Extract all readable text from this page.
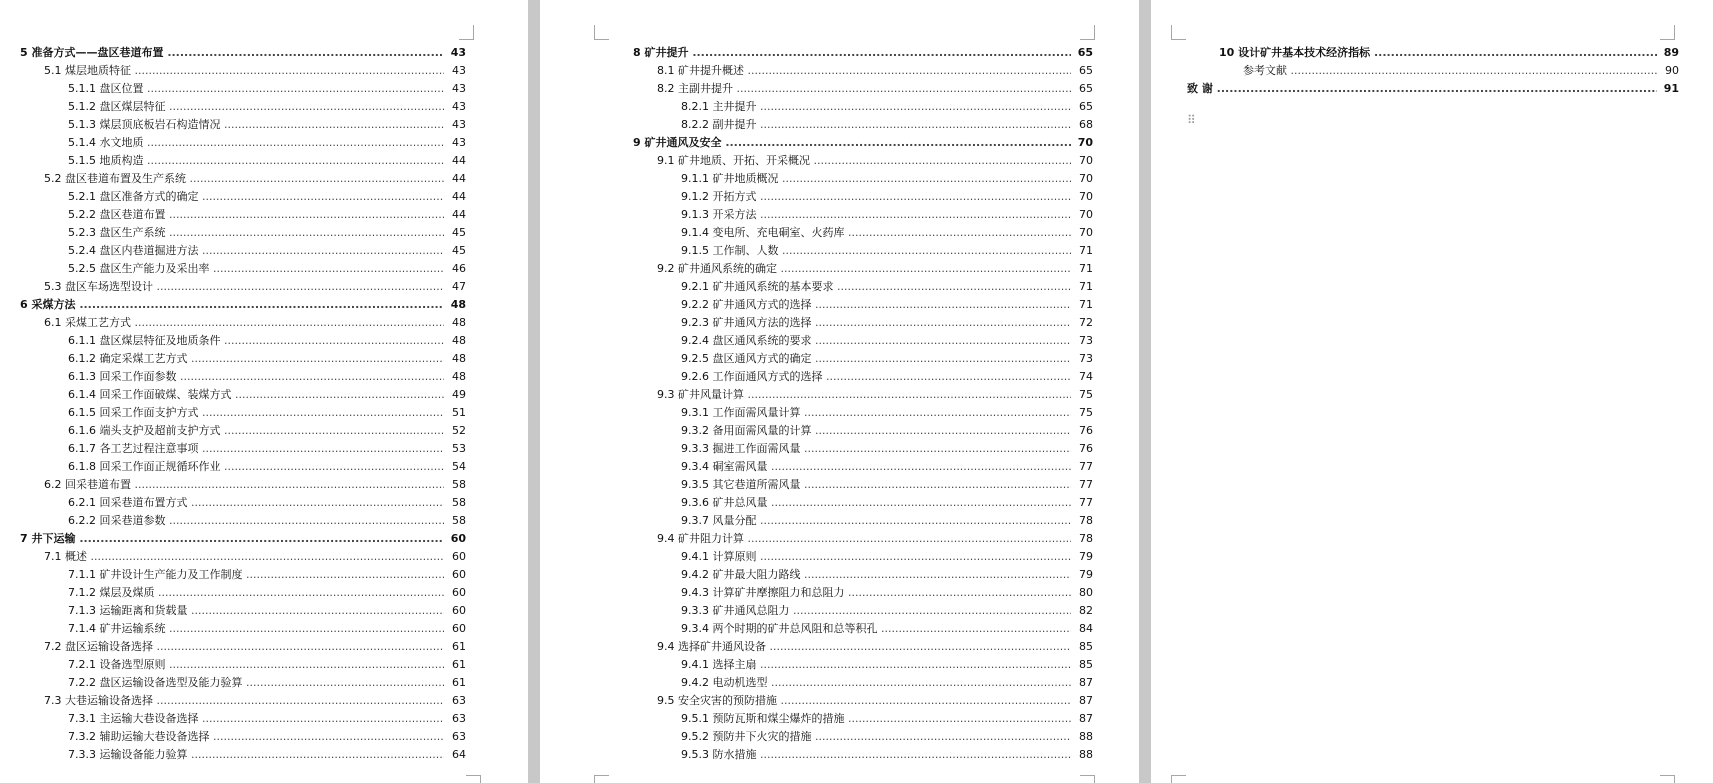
5 准备方式——盘区巷道布置 .....	43
5.1 煤层地质特征 .....	43
5.1.1 盘区位置 .....	43
5.1.2 盘区煤层特征 .....	43
5.1.3 煤层顶底板岩石构造情况 .....	43
5.1.4 水文地质 .....	43
5.1.5 地质构造 .....	44
5.2 盘区巷道布置及生产系统 .....	44
5.2.1 盘区准备方式的确定 .....	44
5.2.2 盘区巷道布置 .....	44
5.2.3 盘区生产系统 .....	45
5.2.4 盘区内巷道掘进方法 .....	45
5.2.5 盘区生产能力及采出率 .....	46
5.3 盘区车场选型设计 .....	47
6 采煤方法 .....	48
6.1 采煤工艺方式 .....	48
6.1.1 盘区煤层特征及地质条件 .....	48
6.1.2 确定采煤工艺方式 .....	48
6.1.3 回采工作面参数 .....	48
6.1.4 回采工作面破煤、装煤方式 .....	49
6.1.5 回采工作面支护方式 .....	51
6.1.6 端头支护及超前支护方式 .....	52
6.1.7 各工艺过程注意事项 .....	53
6.1.8 回采工作面正规循环作业 .....	54
6.2 回采巷道布置 .....	58
6.2.1 回采巷道布置方式 .....	58
6.2.2 回采巷道参数 .....	58
7 井下运输 .....	60
7.1 概述 .....	60
7.1.1 矿井设计生产能力及工作制度 .....	60
7.1.2 煤层及煤质 .....	60
7.1.3 运输距离和货载量 .....	60
7.1.4 矿井运输系统 .....	60
7.2 盘区运输设备选择 .....	61
7.2.1 设备选型原则 .....	61
7.2.2 盘区运输设备选型及能力验算 .....	61
7.3 大巷运输设备选择 .....	63
7.3.1 主运输大巷设备选择 .....	63
7.3.2 辅助运输大巷设备选择 .....	63
7.3.3 运输设备能力验算 .....	64
8 矿井提升 .....	65
8.1 矿井提升概述 .....	65
8.2 主副井提升 .....	65
8.2.1 主井提升 .....	65
8.2.2 副井提升 .....	68
9 矿井通风及安全 .....	70
9.1 矿井地质、开拓、开采概况 .....	70
9.1.1 矿井地质概况 .....	70
9.1.2 开拓方式 .....	70
9.1.3 开采方法 .....	70
9.1.4 变电所、充电硐室、火药库 .....	70
9.1.5 工作制、人数 .....	71
9.2 矿井通风系统的确定 .....	71
9.2.1 矿井通风系统的基本要求 .....	71
9.2.2 矿井通风方式的选择 .....	71
9.2.3 矿井通风方法的选择 .....	72
9.2.4 盘区通风系统的要求 .....	73
9.2.5 盘区通风方式的确定 .....	73
9.2.6 工作面通风方式的选择 .....	74
9.3 矿井风量计算 .....	75
9.3.1 工作面需风量计算 .....	75
9.3.2 备用面需风量的计算 .....	76
9.3.3 掘进工作面需风量 .....	76
9.3.4 硐室需风量 .....	77
9.3.5 其它巷道所需风量 .....	77
9.3.6 矿井总风量 .....	77
9.3.7 风量分配 .....	78
9.4 矿井阻力计算 .....	78
9.4.1 计算原则 .....	79
9.4.2 矿井最大阻力路线 .....	79
9.4.3 计算矿井摩擦阻力和总阻力 .....	80
9.3.3 矿井通风总阻力 .....	82
9.3.4 两个时期的矿井总风阻和总等积孔 .....	84
9.4 选择矿井通风设备 .....	85
9.4.1 选择主扇 .....	85
9.4.2 电动机选型 .....	87
9.5 安全灾害的预防措施 .....	87
9.5.1 预防瓦斯和煤尘爆炸的措施 .....	87
9.5.2 预防井下火灾的措施 .....	88
9.5.3 防水措施 .....	88
10 设计矿井基本技术经济指标 .....	89
参考文献 .....	90
致 谢 .....	91
⠿
